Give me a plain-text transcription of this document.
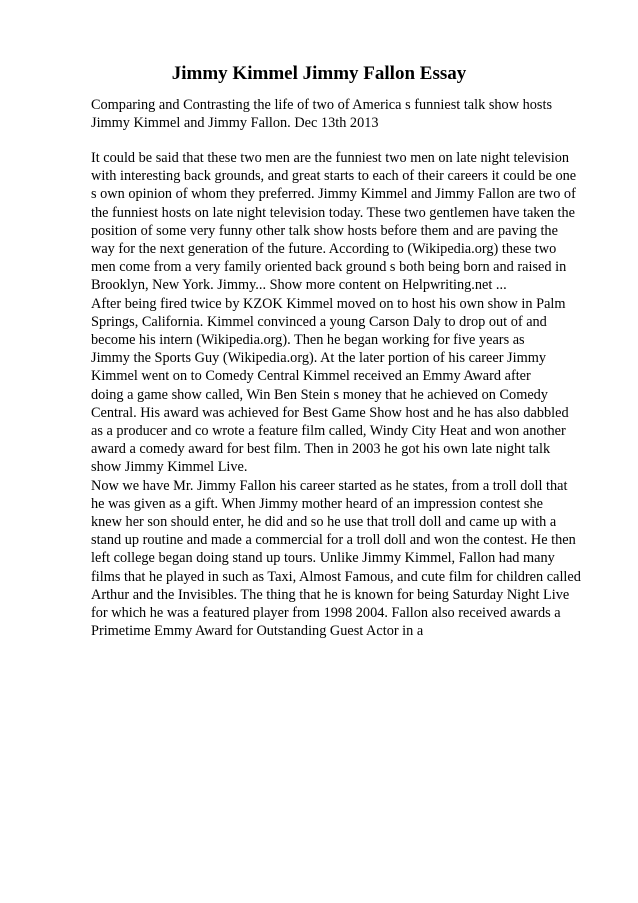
Jimmy Kimmel Jimmy Fallon Essay
Comparing and Contrasting the life of two of America s funniest talk show hosts
Jimmy Kimmel and Jimmy Fallon. Dec 13th 2013
It could be said that these two men are the funniest two men on late night television
with interesting back grounds, and great starts to each of their careers it could be one
s own opinion of whom they preferred. Jimmy Kimmel and Jimmy Fallon are two of
the funniest hosts on late night television today. These two gentlemen have taken the
position of some very funny other talk show hosts before them and are paving the
way for the next generation of the future. According to (Wikipedia.org) these two
men come from a very family oriented back ground s both being born and raised in
Brooklyn, New York. Jimmy... Show more content on Helpwriting.net ...
After being fired twice by KZOK Kimmel moved on to host his own show in Palm
Springs, California. Kimmel convinced a young Carson Daly to drop out of and
become his intern (Wikipedia.org). Then he began working for five years as
Jimmy the Sports Guy (Wikipedia.org). At the later portion of his career Jimmy
Kimmel went on to Comedy Central Kimmel received an Emmy Award after
doing a game show called, Win Ben Stein s money that he achieved on Comedy
Central. His award was achieved for Best Game Show host and he has also dabbled
as a producer and co wrote a feature film called, Windy City Heat and won another
award a comedy award for best film. Then in 2003 he got his own late night talk
show Jimmy Kimmel Live.
Now we have Mr. Jimmy Fallon his career started as he states, from a troll doll that
he was given as a gift. When Jimmy mother heard of an impression contest she
knew her son should enter, he did and so he use that troll doll and came up with a
stand up routine and made a commercial for a troll doll and won the contest. He then
left college began doing stand up tours. Unlike Jimmy Kimmel, Fallon had many
films that he played in such as Taxi, Almost Famous, and cute film for children called
Arthur and the Invisibles. The thing that he is known for being Saturday Night Live
for which he was a featured player from 1998 2004. Fallon also received awards a
Primetime Emmy Award for Outstanding Guest Actor in a
